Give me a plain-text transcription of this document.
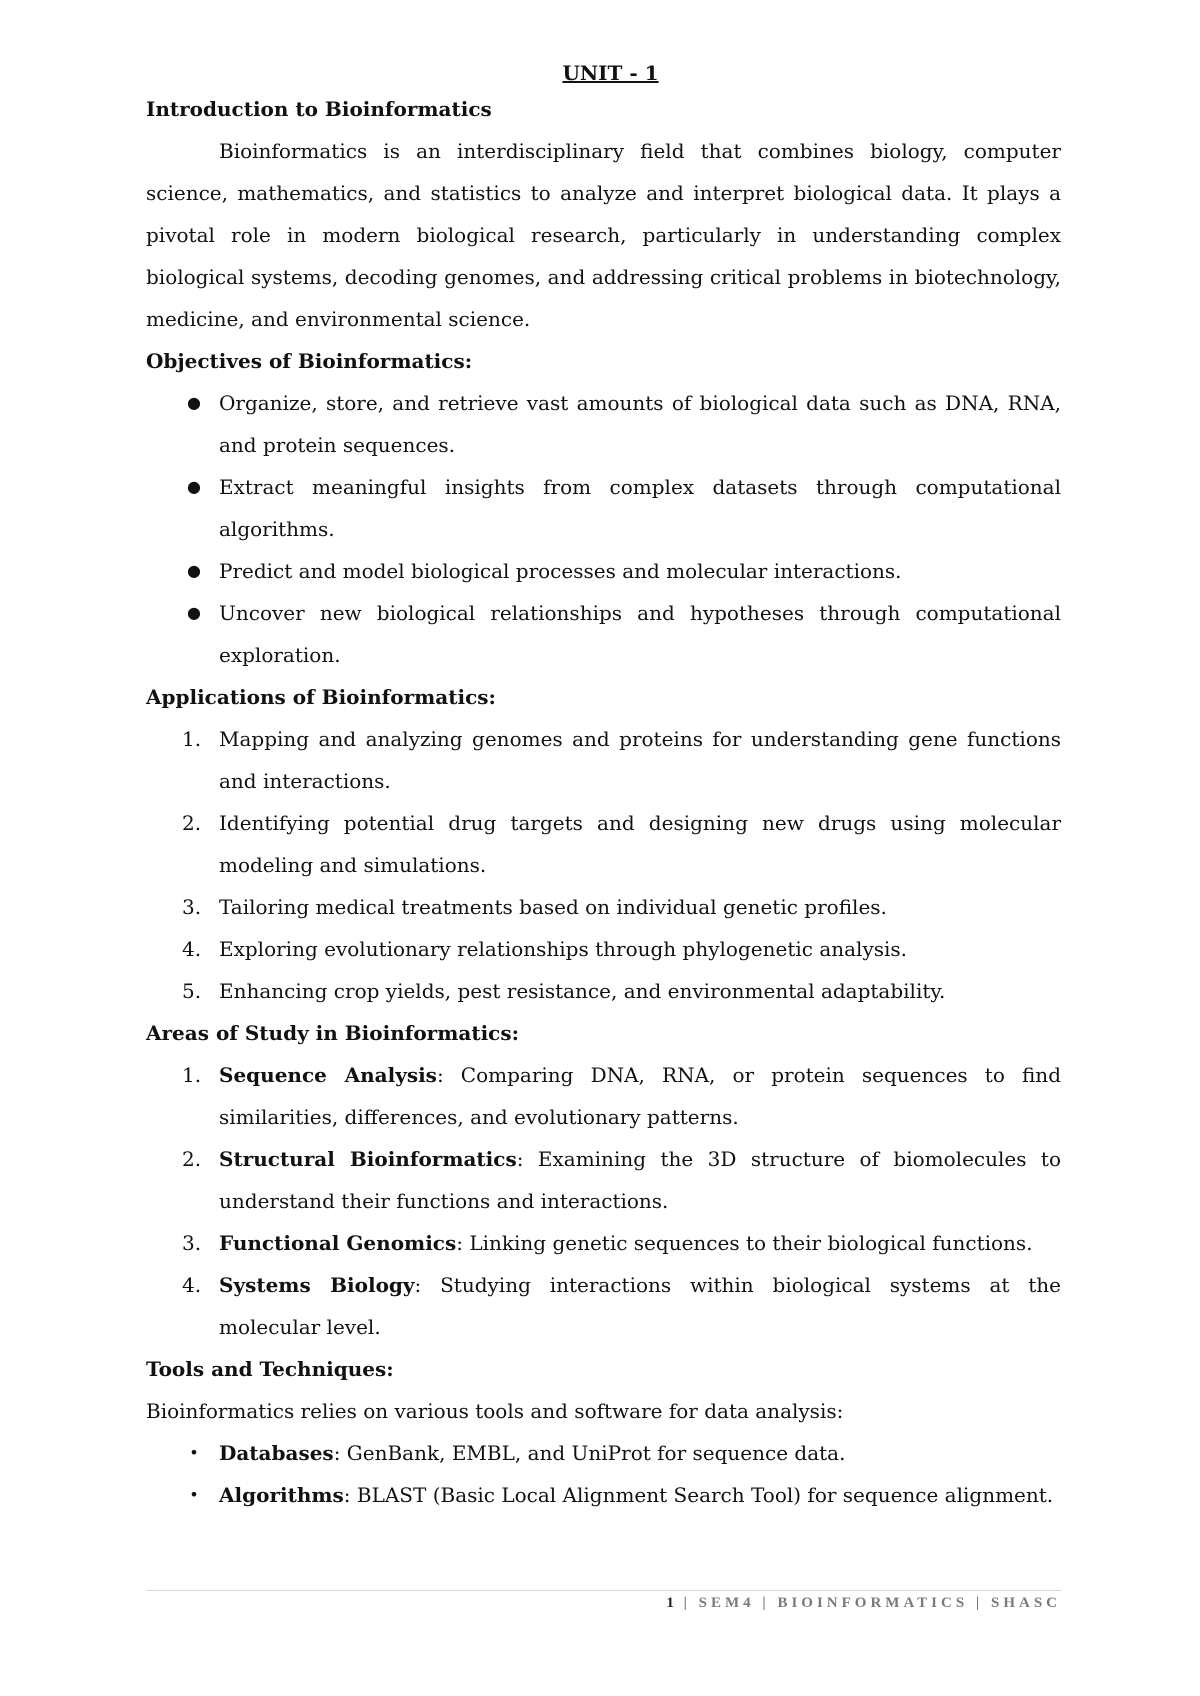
UNIT - 1
Introduction to Bioinformatics

Bioinformatics is an interdisciplinary field that combines biology, computer science, mathematics, and statistics to analyze and interpret biological data. It plays a pivotal role in modern biological research, particularly in understanding complex biological systems, decoding genomes, and addressing critical problems in biotechnology, medicine, and environmental science.

Objectives of Bioinformatics:
● Organize, store, and retrieve vast amounts of biological data such as DNA, RNA, and protein sequences.
● Extract meaningful insights from complex datasets through computational algorithms.
● Predict and model biological processes and molecular interactions.
● Uncover new biological relationships and hypotheses through computational exploration.
Applications of Bioinformatics:
1. Mapping and analyzing genomes and proteins for understanding gene functions and interactions.
2. Identifying potential drug targets and designing new drugs using molecular modeling and simulations.
3. Tailoring medical treatments based on individual genetic profiles.
4. Exploring evolutionary relationships through phylogenetic analysis.
5. Enhancing crop yields, pest resistance, and environmental adaptability.
Areas of Study in Bioinformatics:
1. Sequence Analysis: Comparing DNA, RNA, or protein sequences to find similarities, differences, and evolutionary patterns.
2. Structural Bioinformatics: Examining the 3D structure of biomolecules to understand their functions and interactions.
3. Functional Genomics: Linking genetic sequences to their biological functions.
4. Systems Biology: Studying interactions within biological systems at the molecular level.
Tools and Techniques:

Bioinformatics relies on various tools and software for data analysis:

• Databases: GenBank, EMBL, and UniProt for sequence data.
• Algorithms: BLAST (Basic Local Alignment Search Tool) for sequence alignment.
1 | SEM4 | BIOINFORMATICS | SHASC
